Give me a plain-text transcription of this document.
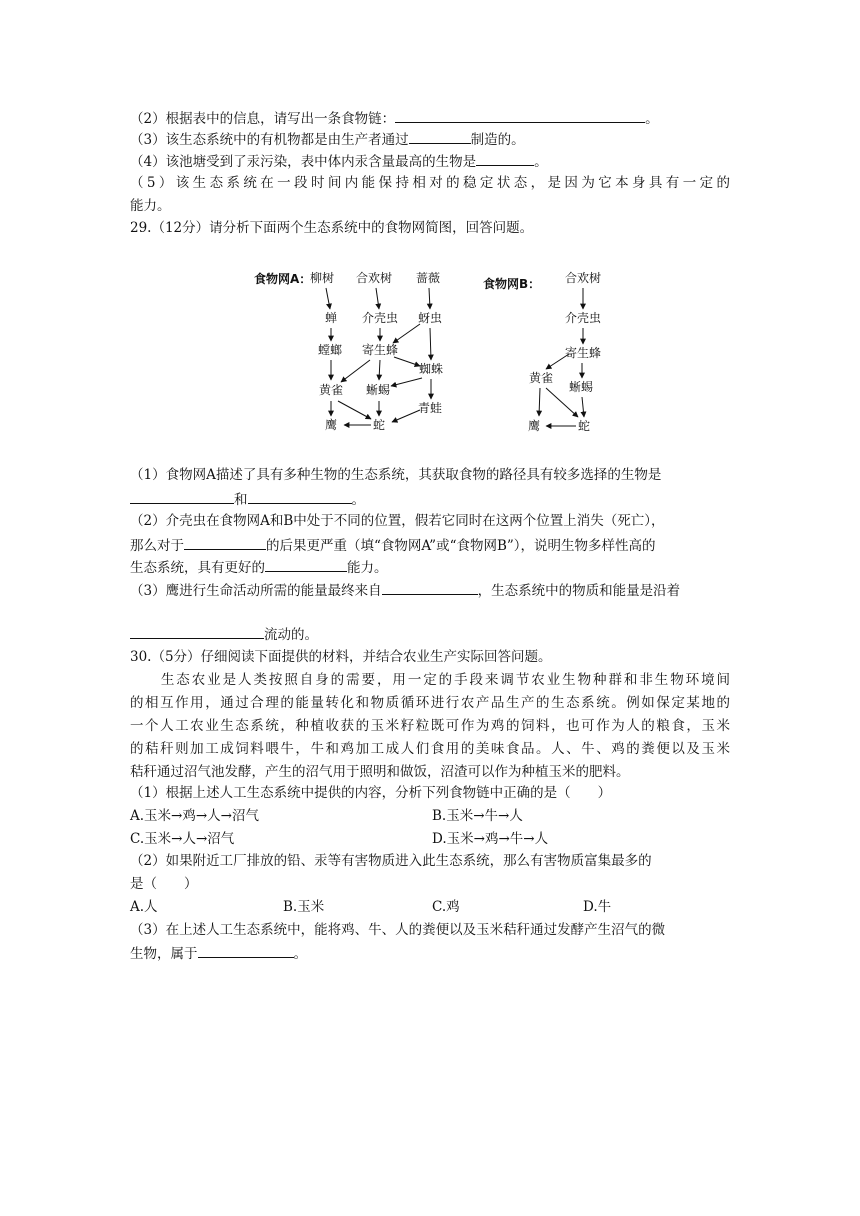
（2）根据表中的信息，请写出一条食物链：	。
（3）该生态系统中的有机物都是由生产者通过	制造的。
（4）该池塘受到了汞污染，表中体内汞含量最高的生物是	。
（5）该生态系统在一段时间内能保持相对的稳定状态，是因为它本身具有一定的
能力。
29.（12分）请分析下面两个生态系统中的食物网简图，回答问题。
食物网A：
柳树 合欢树 蔷薇
蝉 介壳虫 蚜虫
螳螂 寄生蜂
蜘蛛
黄雀 蜥蜴
青蛙
鹰	蛇
食物网B： 合欢树
介壳虫
寄生蜂
黄雀
蜥蜴
鹰	蛇
（1）食物网A描述了具有多种生物的生态系统，其获取食物的路径具有较多选择的生物是
和	。
（2）介壳虫在食物网A和B中处于不同的位置，假若它同时在这两个位置上消失（死亡），
那么对于	的后果更严重（填“食物网A”或“食物网B”），说明生物多样性高的
生态系统，具有更好的	能力。
（3）鹰进行生命活动所需的能量最终来自	，生态系统中的物质和能量是沿着
流动的。
30.（5分）仔细阅读下面提供的材料，并结合农业生产实际回答问题。
　　生态农业是人类按照自身的需要，用一定的手段来调节农业生物种群和非生物环境间
的相互作用，通过合理的能量转化和物质循环进行农产品生产的生态系统。例如保定某地的
一个人工农业生态系统，种植收获的玉米籽粒既可作为鸡的饲料，也可作为人的粮食，玉米
的秸秆则加工成饲料喂牛，牛和鸡加工成人们食用的美味食品。人、牛、鸡的粪便以及玉米
秸秆通过沼气池发酵，产生的沼气用于照明和做饭，沼渣可以作为种植玉米的肥料。
（1）根据上述人工生态系统中提供的内容，分析下列食物链中正确的是（　　）
A.玉米→鸡→人→沼气	B.玉米→牛→人
C.玉米→人→沼气	D.玉米→鸡→牛→人
（2）如果附近工厂排放的铅、汞等有害物质进入此生态系统，那么有害物质富集最多的
是（　　）
A.人	B.玉米	C.鸡	D.牛
（3）在上述人工生态系统中，能将鸡、牛、人的粪便以及玉米秸秆通过发酵产生沼气的微
生物，属于	。
